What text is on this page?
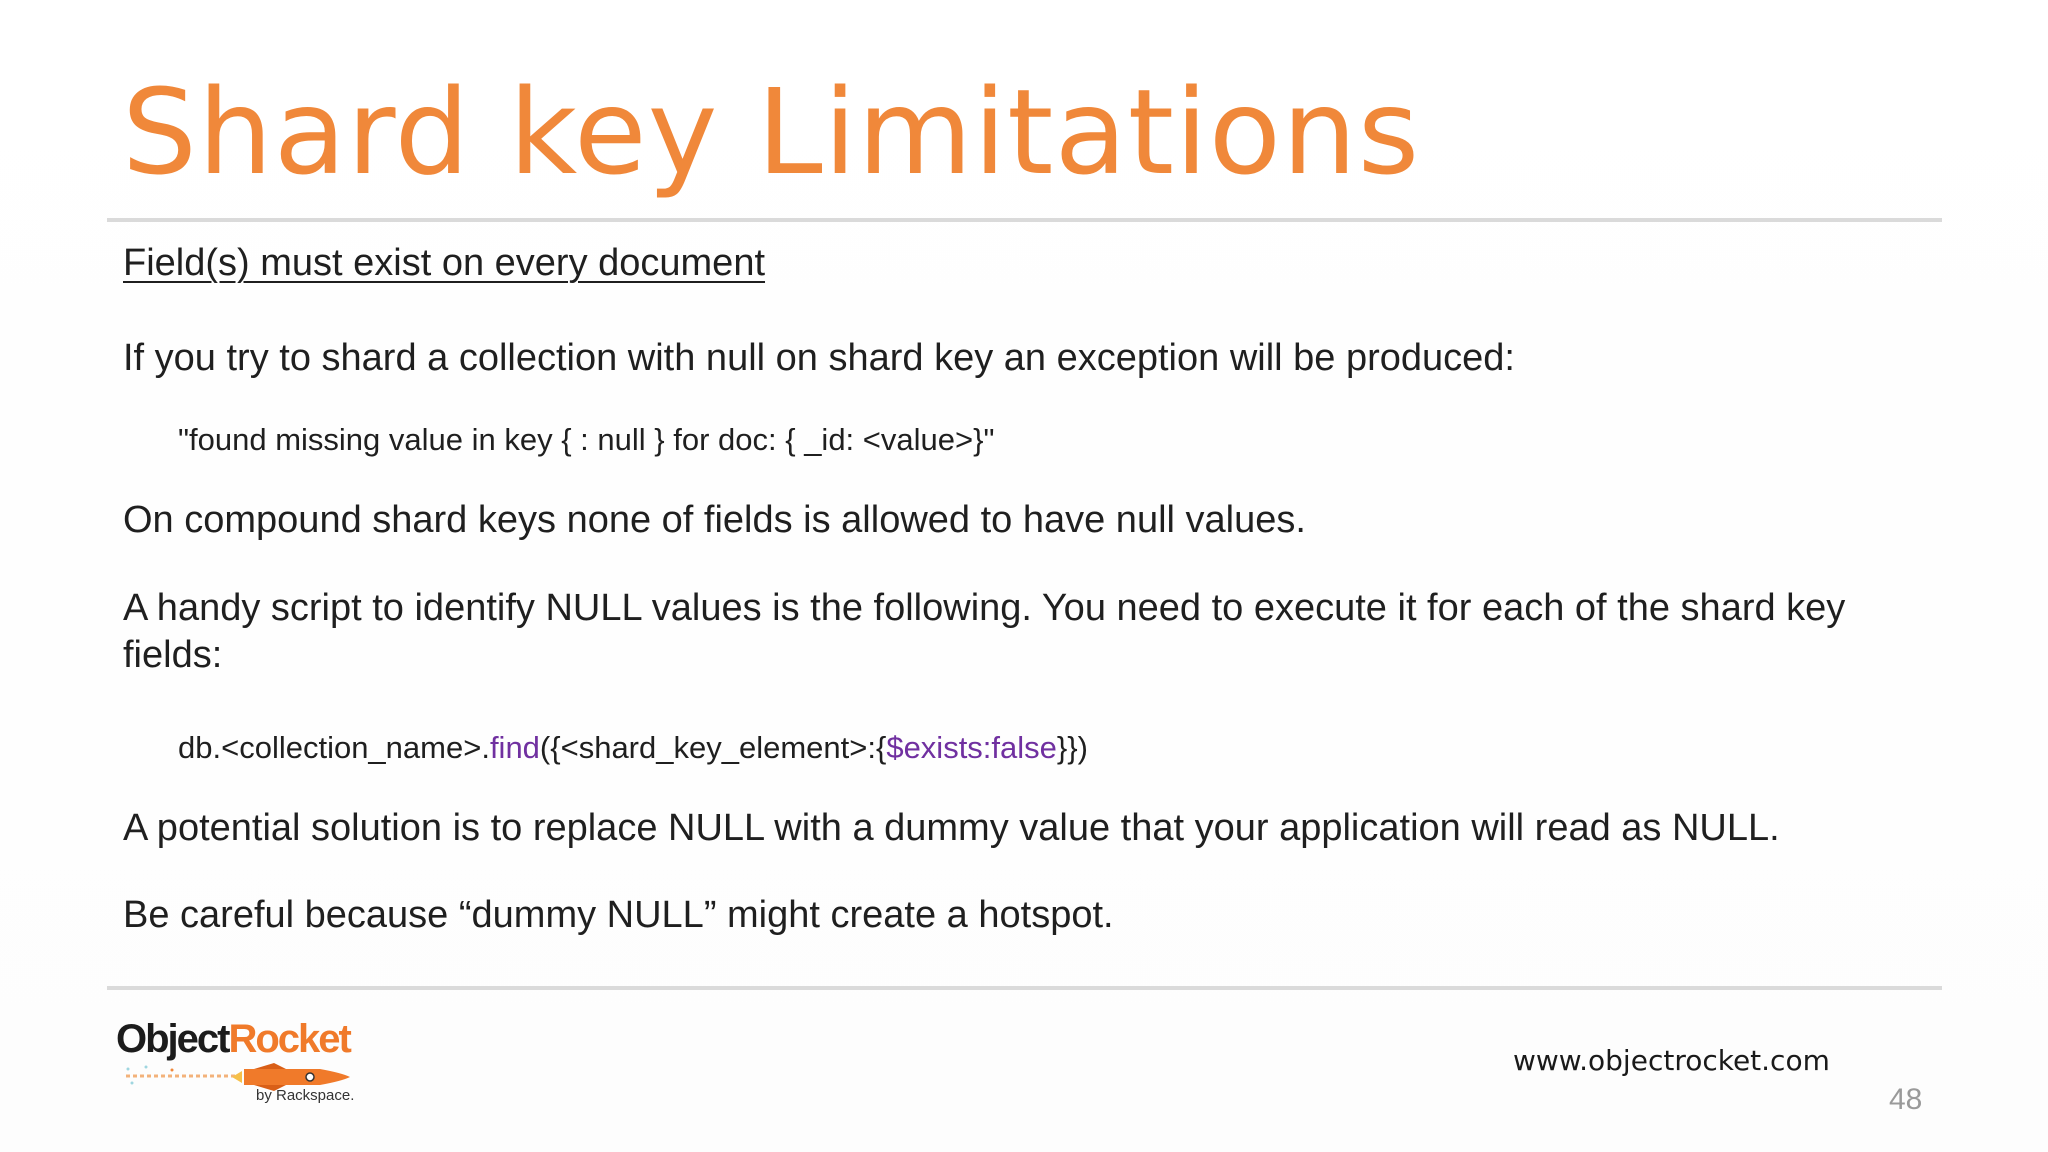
Shard key Limitations
Field(s) must exist on every document
If you try to shard a collection with null on shard key an exception will be produced:
"found missing value in key { : null } for doc: { _id: <value>}"
On compound shard keys none of fields is allowed to have null values.
A handy script to identify NULL values is the following. You need to execute it for each of the shard key fields:
db.<collection_name>.find({<shard_key_element>:{$exists:false}})
A potential solution is to replace NULL with a dummy value that your application will read as NULL.
Be careful because “dummy NULL” might create a hotspot.
ObjectRocket
by Rackspace.
www.objectrocket.com
48
